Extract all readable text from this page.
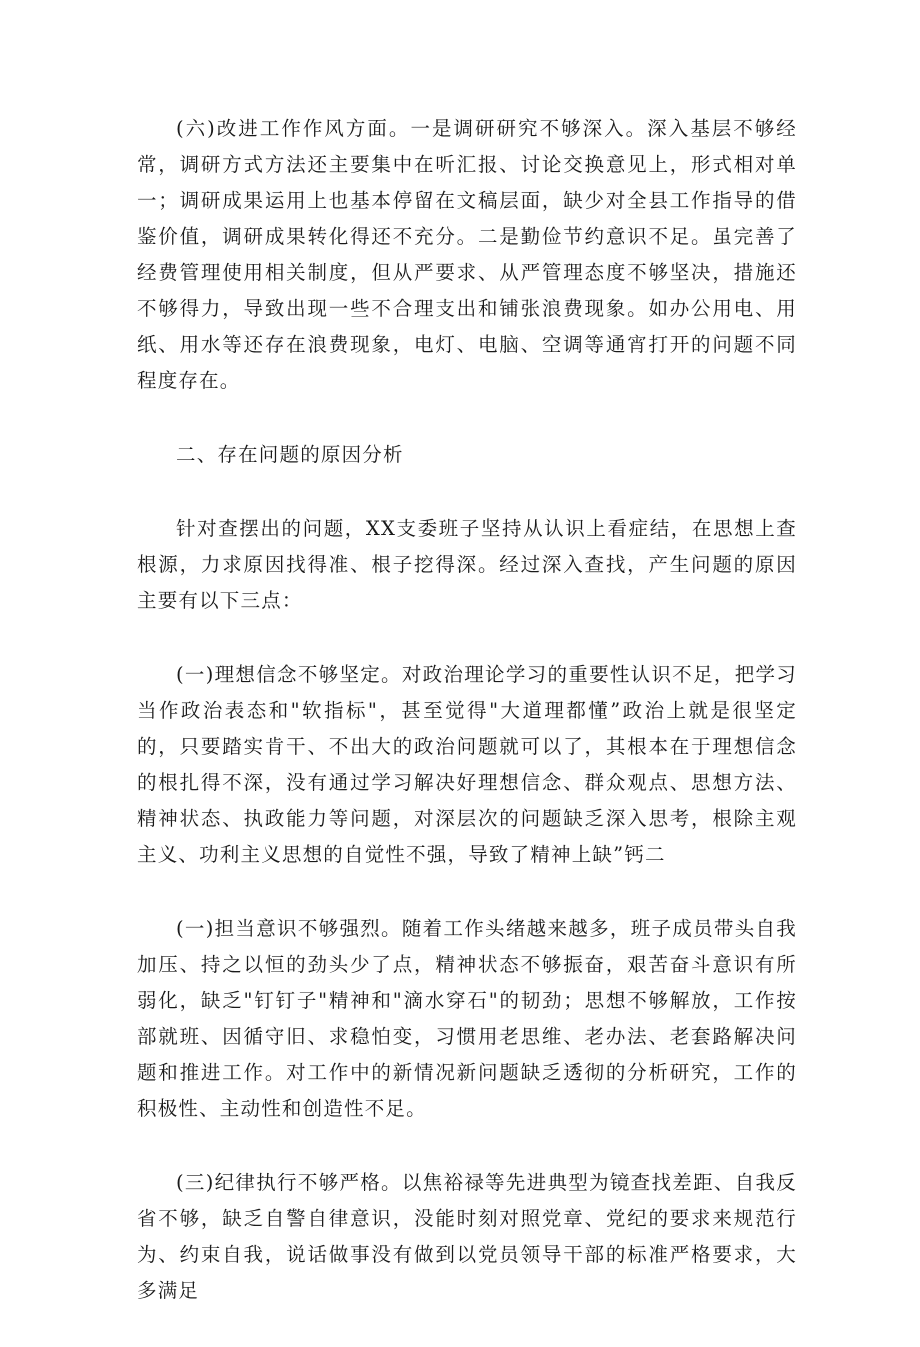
(六)改进工作作风方面。一是调研研究不够深入。深入基层不够经常，调研方式方法还主要集中在听汇报、讨论交换意见上，形式相对单一；调研成果运用上也基本停留在文稿层面，缺少对全县工作指导的借鉴价值，调研成果转化得还不充分。二是勤俭节约意识不足。虽完善了经费管理使用相关制度，但从严要求、从严管理态度不够坚决，措施还不够得力，导致出现一些不合理支出和铺张浪费现象。如办公用电、用纸、用水等还存在浪费现象，电灯、电脑、空调等通宵打开的问题不同程度存在。

二、存在问题的原因分析

针对查摆出的问题，XX支委班子坚持从认识上看症结，在思想上查根源，力求原因找得准、根子挖得深。经过深入查找，产生问题的原因主要有以下三点：

(一)理想信念不够坚定。对政治理论学习的重要性认识不足，把学习当作政治表态和"软指标"，甚至觉得"大道理都懂”政治上就是很坚定的，只要踏实肯干、不出大的政治问题就可以了，其根本在于理想信念的根扎得不深，没有通过学习解决好理想信念、群众观点、思想方法、精神状态、执政能力等问题，对深层次的问题缺乏深入思考，根除主观主义、功利主义思想的自觉性不强，导致了精神上缺”钙二

(一)担当意识不够强烈。随着工作头绪越来越多，班子成员带头自我加压、持之以恒的劲头少了点，精神状态不够振奋，艰苦奋斗意识有所弱化，缺乏"钉钉子"精神和"滴水穿石"的韧劲；思想不够解放，工作按部就班、因循守旧、求稳怕变，习惯用老思维、老办法、老套路解决问题和推进工作。对工作中的新情况新问题缺乏透彻的分析研究，工作的积极性、主动性和创造性不足。

(三)纪律执行不够严格。以焦裕禄等先进典型为镜查找差距、自我反省不够，缺乏自警自律意识，没能时刻对照党章、党纪的要求来规范行为、约束自我，说话做事没有做到以党员领导干部的标准严格要求，大多满足
